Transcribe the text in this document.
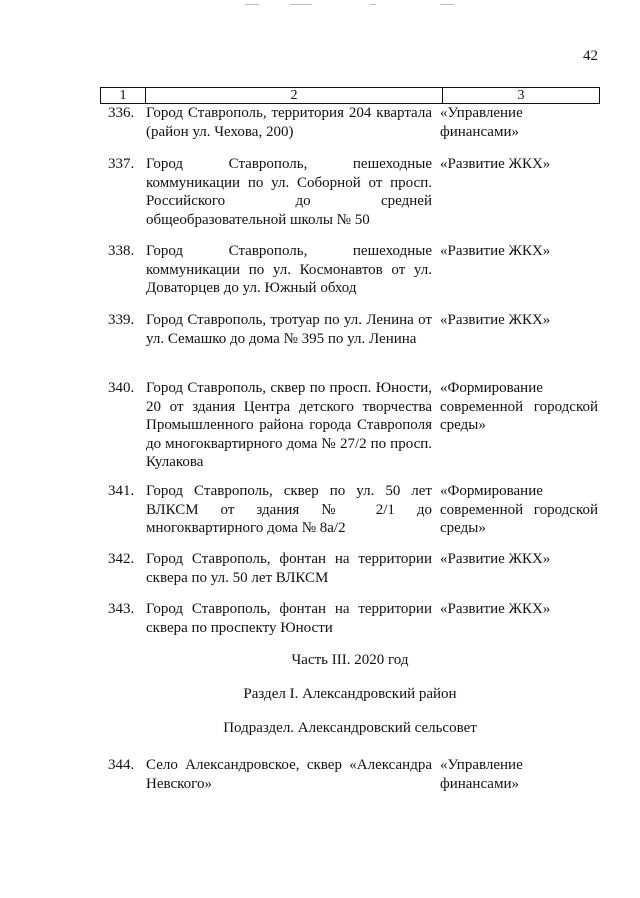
42
1	2	3
336. Город Ставрополь, территория 204 квартала (район ул. Чехова, 200)
«Управление финансами»
337. Город Ставрополь, пешеходные коммуникации по ул. Соборной от просп. Российского до средней общеобразовательной школы № 50
«Развитие ЖКХ»
338. Город Ставрополь, пешеходные коммуникации по ул. Космонавтов от ул. Доваторцев до ул. Южный обход
«Развитие ЖКХ»
339. Город Ставрополь, тротуар по ул. Ленина от ул. Семашко до дома № 395 по ул. Ленина
«Развитие ЖКХ»
340. Город Ставрополь, сквер по просп. Юности, 20 от здания Центра детского творчества Промышленного района города Ставрополя до многоквартирного дома № 27/2 по просп. Кулакова
«Формирование современной городской среды»
341. Город Ставрополь, сквер по ул. 50 лет ВЛКСМ от здания № 2/1 до многоквартирного дома № 8а/2
«Формирование современной городской среды»
342. Город Ставрополь, фонтан на территории сквера по ул. 50 лет ВЛКСМ
«Развитие ЖКХ»
343. Город Ставрополь, фонтан на территории сквера по проспекту Юности
«Развитие ЖКХ»
Часть III. 2020 год
Раздел I. Александровский район
Подраздел. Александровский сельсовет
344. Село Александровское, сквер «Александра Невского»
«Управление финансами»
